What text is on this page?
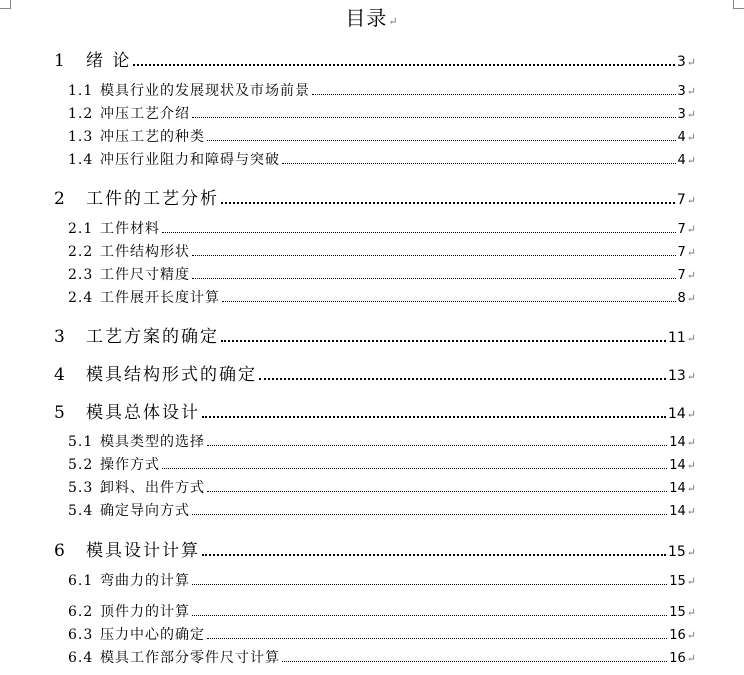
目录↵
1	绪 论	3 ↵
1.1 模具行业的发展现状及市场前景	3 ↵
1.2 冲压工艺介绍	3 ↵
1.3 冲压工艺的种类	4 ↵
1.4 冲压行业阻力和障碍与突破	4 ↵
2	工件的工艺分析	7 ↵
2.1 工件材料	7 ↵
2.2 工件结构形状	7 ↵
2.3 工件尺寸精度	7 ↵
2.4 工件展开长度计算	8 ↵
3	工艺方案的确定	11 ↵
4	模具结构形式的确定	13 ↵
5	模具总体设计	14 ↵
5.1 模具类型的选择	14 ↵
5.2 操作方式	14 ↵
5.3 卸料、出件方式	14 ↵
5.4 确定导向方式	14 ↵
6	模具设计计算	15 ↵
6.1 弯曲力的计算	15 ↵
6.2 顶件力的计算	15 ↵
6.3 压力中心的确定	16 ↵
6.4 模具工作部分零件尺寸计算	16 ↵
